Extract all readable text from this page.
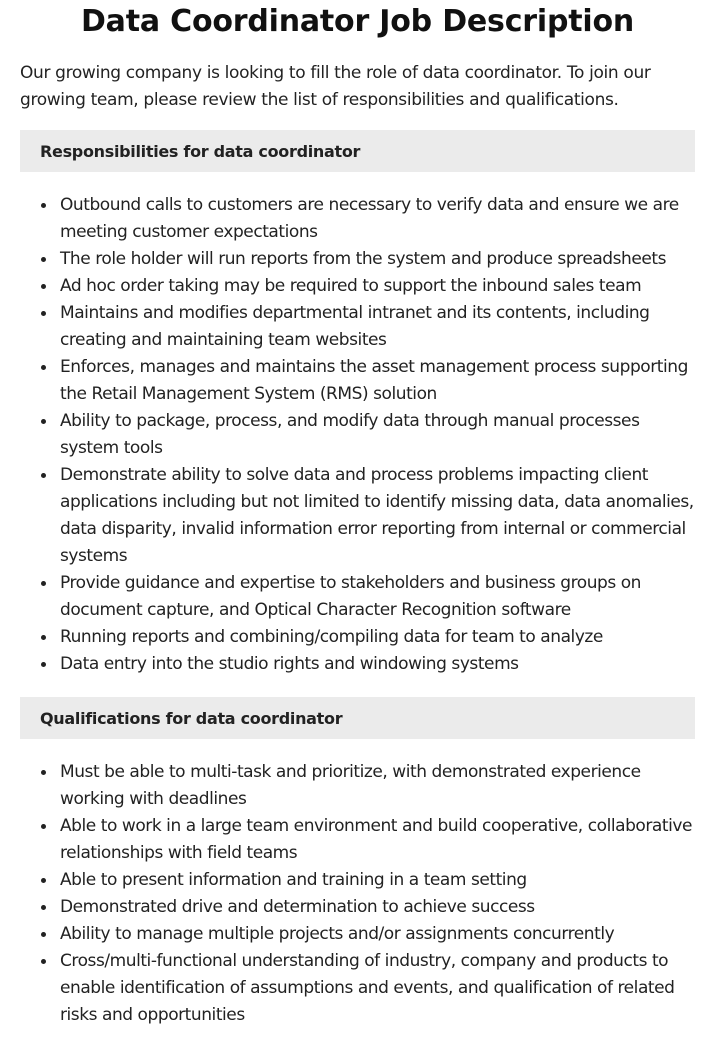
Data Coordinator Job Description

Our growing company is looking to fill the role of data coordinator. To join our growing team, please review the list of responsibilities and qualifications.

Responsibilities for data coordinator
Outbound calls to customers are necessary to verify data and ensure we are meeting customer expectations
The role holder will run reports from the system and produce spreadsheets
Ad hoc order taking may be required to support the inbound sales team
Maintains and modifies departmental intranet and its contents, including creating and maintaining team websites
Enforces, manages and maintains the asset management process supporting the Retail Management System (RMS) solution
Ability to package, process, and modify data through manual processes system tools
Demonstrate ability to solve data and process problems impacting client applications including but not limited to identify missing data, data anomalies, data disparity, invalid information error reporting from internal or commercial systems
Provide guidance and expertise to stakeholders and business groups on document capture, and Optical Character Recognition software
Running reports and combining/compiling data for team to analyze
Data entry into the studio rights and windowing systems
Qualifications for data coordinator
Must be able to multi-task and prioritize, with demonstrated experience working with deadlines
Able to work in a large team environment and build cooperative, collaborative relationships with field teams
Able to present information and training in a team setting
Demonstrated drive and determination to achieve success
Ability to manage multiple projects and/or assignments concurrently
Cross/multi-functional understanding of industry, company and products to enable identification of assumptions and events, and qualification of related risks and opportunities
